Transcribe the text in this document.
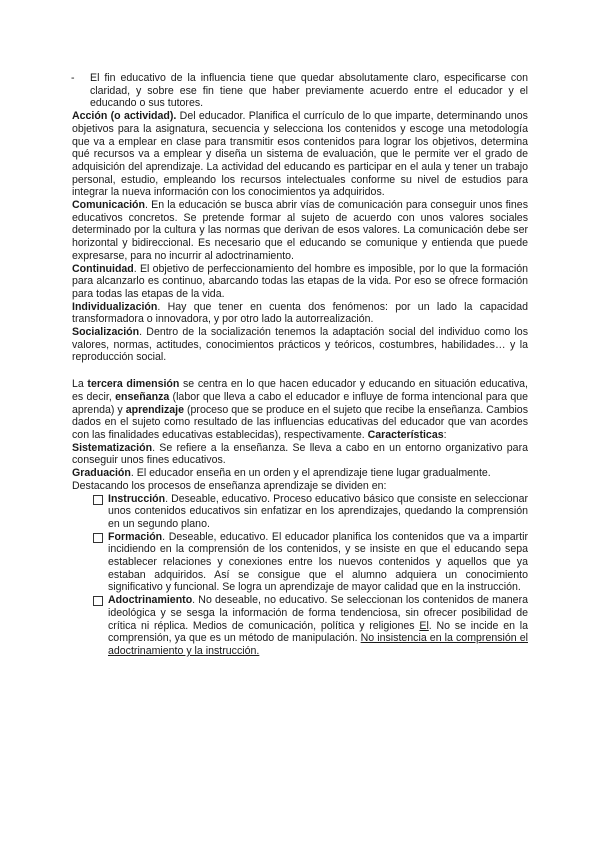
- El fin educativo de la influencia tiene que quedar absolutamente claro, especificarse con claridad, y sobre ese fin tiene que haber previamente acuerdo entre el educador y el educando o sus tutores.

Acción (o actividad). Del educador. Planifica el currículo de lo que imparte, determinando unos objetivos para la asignatura, secuencia y selecciona los contenidos y escoge una metodología que va a emplear en clase para transmitir esos contenidos para lograr los objetivos, determina qué recursos va a emplear y diseña un sistema de evaluación, que le permite ver el grado de adquisición del aprendizaje. La actividad del educando es participar en el aula y tener un trabajo personal, estudio, empleando los recursos intelectuales conforme su nivel de estudios para integrar la nueva información con los conocimientos ya adquiridos.

Comunicación. En la educación se busca abrir vías de comunicación para conseguir unos fines educativos concretos. Se pretende formar al sujeto de acuerdo con unos valores sociales determinado por la cultura y las normas que derivan de esos valores. La comunicación debe ser horizontal y bidireccional. Es necesario que el educando se comunique y entienda que puede expresarse, para no incurrir al adoctrinamiento.

Continuidad. El objetivo de perfeccionamiento del hombre es imposible, por lo que la formación para alcanzarlo es continuo, abarcando todas las etapas de la vida. Por eso se ofrece formación para todas las etapas de la vida.

Individualización. Hay que tener en cuenta dos fenómenos: por un lado la capacidad transformadora o innovadora, y por otro lado la autorrealización.

Socialización. Dentro de la socialización tenemos la adaptación social del individuo como los valores, normas, actitudes, conocimientos prácticos y teóricos, costumbres, habilidades… y la reproducción social.

La tercera dimensión se centra en lo que hacen educador y educando en situación educativa, es decir, enseñanza (labor que lleva a cabo el educador e influye de forma intencional para que aprenda) y aprendizaje (proceso que se produce en el sujeto que recibe la enseñanza. Cambios dados en el sujeto como resultado de las influencias educativas del educador que van acordes con las finalidades educativas establecidas), respectivamente. Características:

Sistematización. Se refiere a la enseñanza. Se lleva a cabo en un entorno organizativo para conseguir unos fines educativos.

Graduación. El educador enseña en un orden y el aprendizaje tiene lugar gradualmente.

Destacando los procesos de enseñanza aprendizaje se dividen en:

Instrucción. Deseable, educativo. Proceso educativo básico que consiste en seleccionar unos contenidos educativos sin enfatizar en los aprendizajes, quedando la comprensión en un segundo plano.

Formación. Deseable, educativo. El educador planifica los contenidos que va a impartir incidiendo en la comprensión de los contenidos, y se insiste en que el educando sepa establecer relaciones y conexiones entre los nuevos contenidos y aquellos que ya estaban adquiridos. Así se consigue que el alumno adquiera un conocimiento significativo y funcional. Se logra un aprendizaje de mayor calidad que en la instrucción.

Adoctrinamiento. No deseable, no educativo. Se seleccionan los contenidos de manera ideológica y se sesga la información de forma tendenciosa, sin ofrecer posibilidad de crítica ni réplica. Medios de comunicación, política y religiones El. No se incide en la comprensión, ya que es un método de manipulación. No insistencia en la comprensión el adoctrinamiento y la instrucción.
